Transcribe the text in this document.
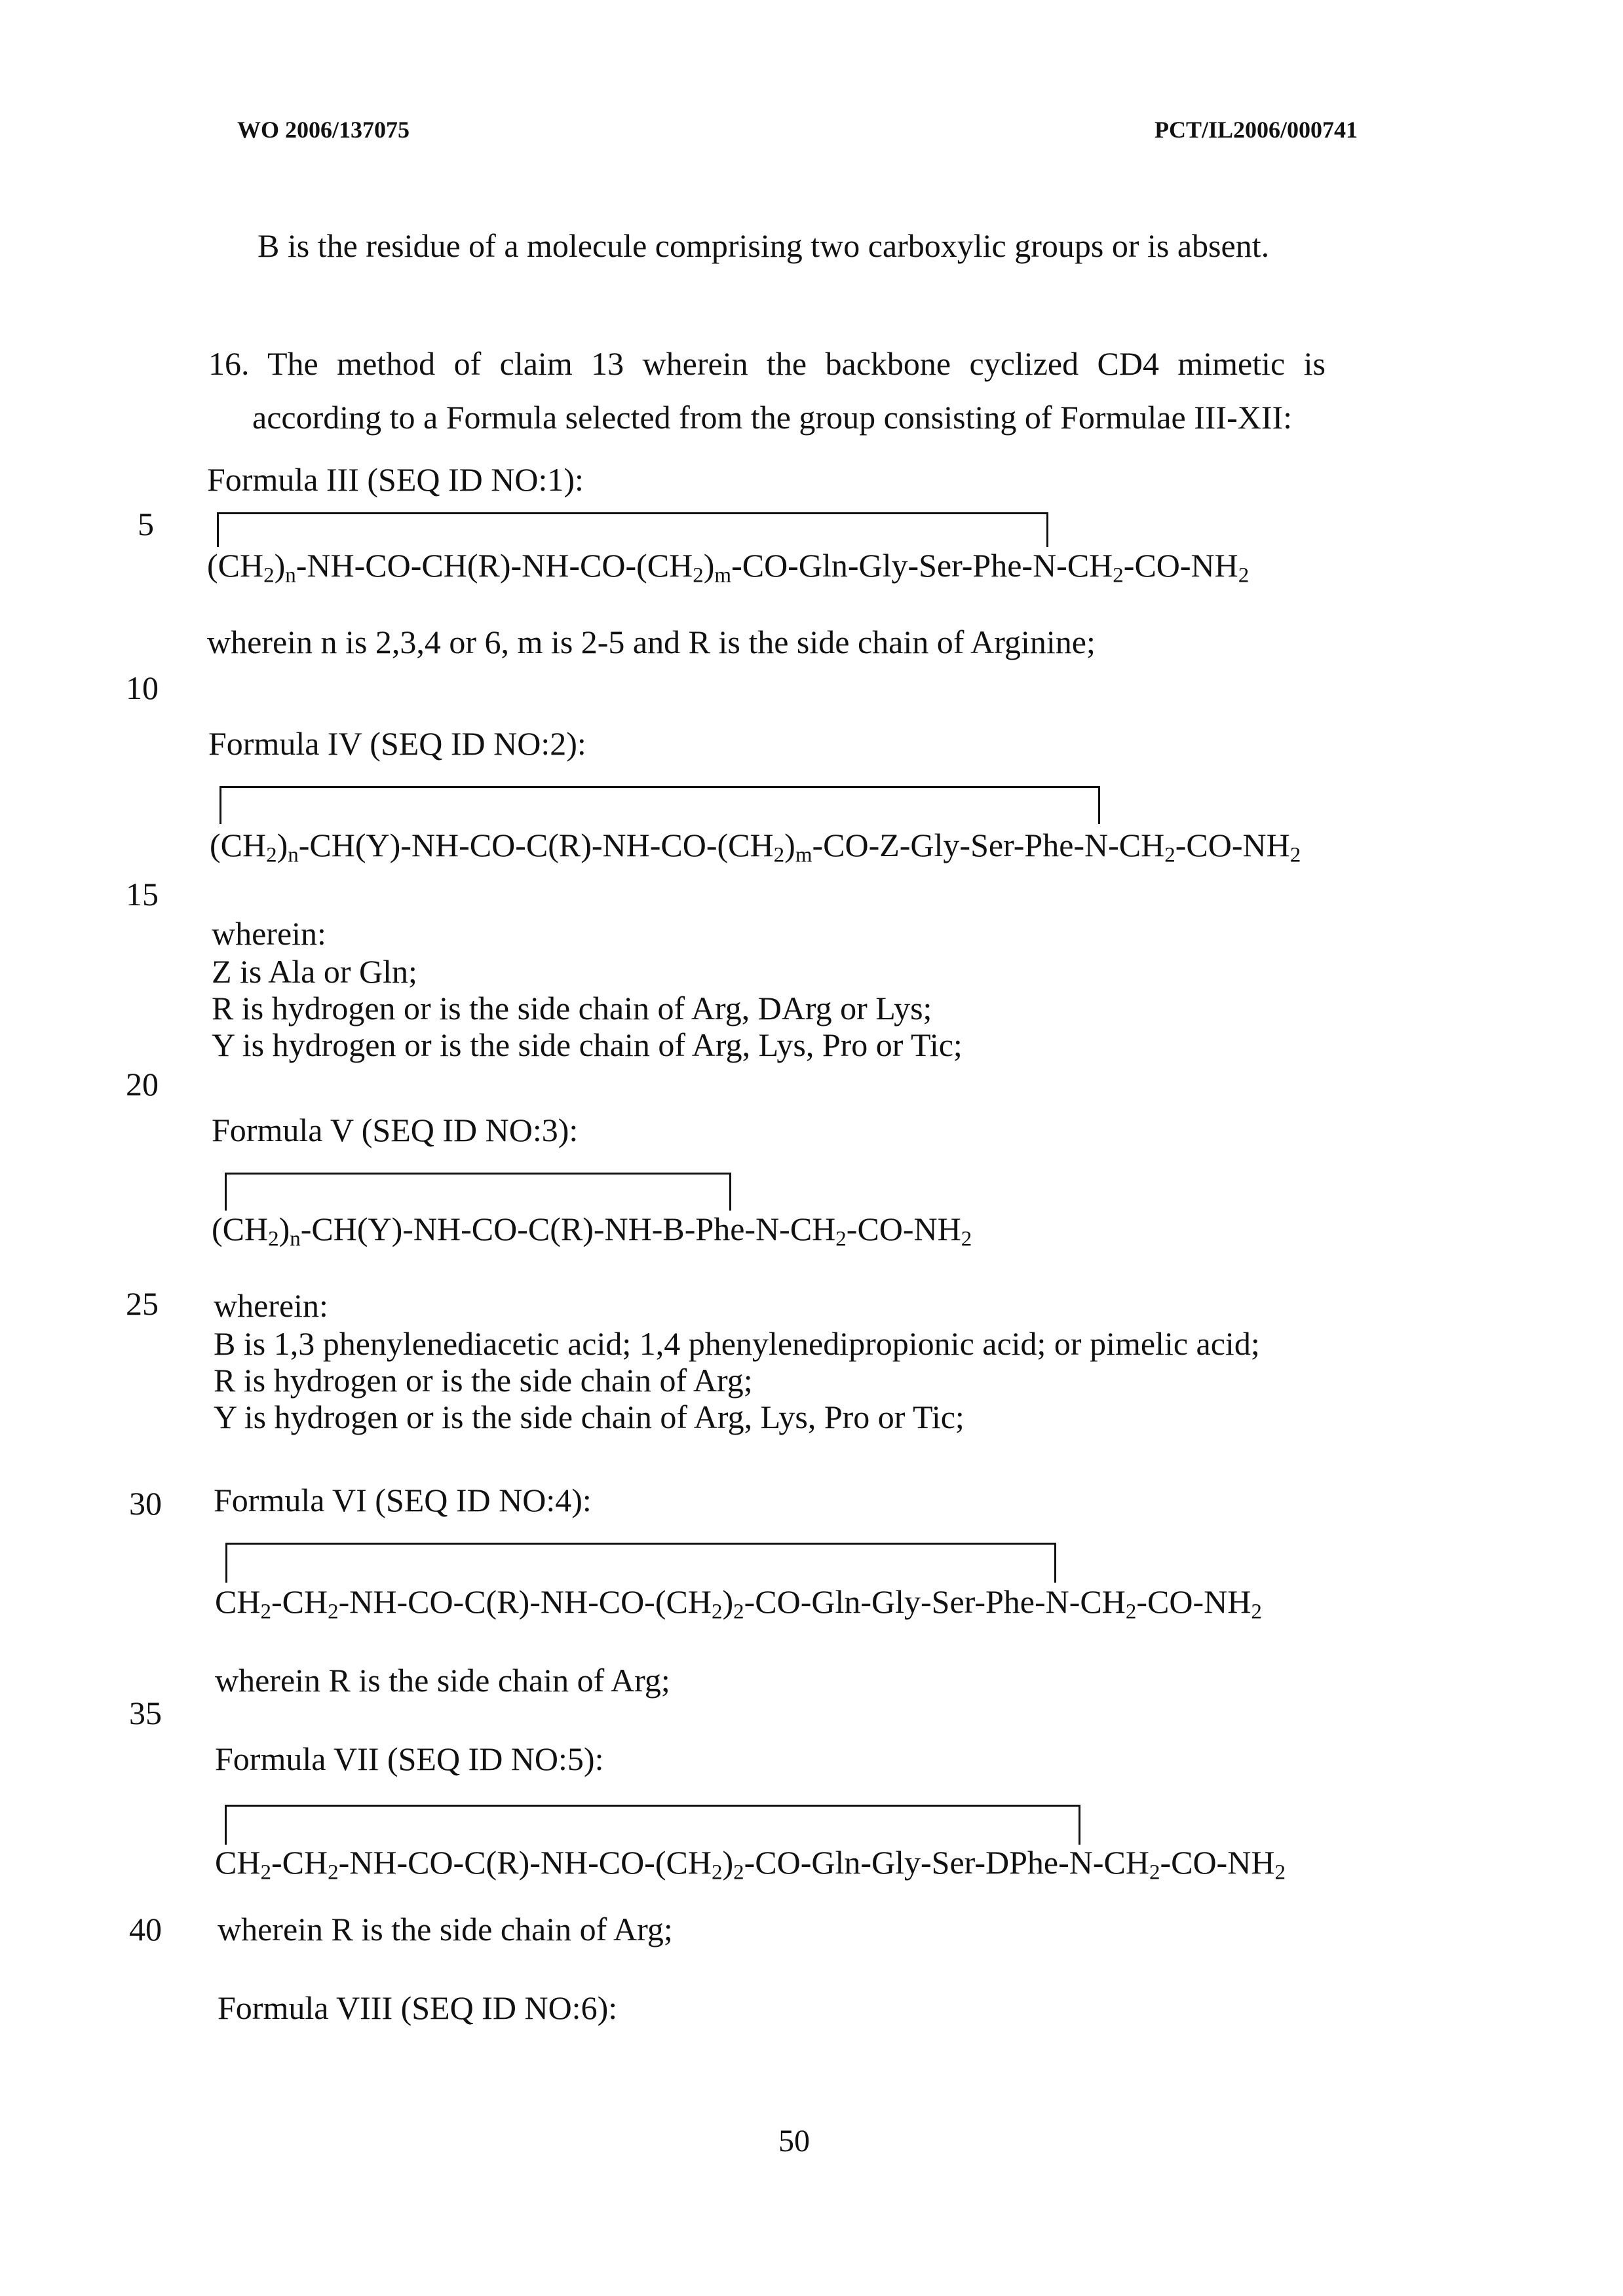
WO 2006/137075	PCT/IL2006/000741
5
10
15
20
25
30
35
40
B is the residue of a molecule comprising two carboxylic groups or is absent.
16. The method of claim 13 wherein the backbone cyclized CD4 mimetic is
according to a Formula selected from the group consisting of Formulae III-XII:
Formula III (SEQ ID NO:1):
$(CH_2)_n-NH-CO-CH(R)-NH-CO-(CH_2)_m-CO-Gln-Gly-Ser-Phe-N-CH_2-CO-NH_2$
wherein n is 2,3,4 or 6, m is 2-5 and R is the side chain of Arginine;
Formula IV (SEQ ID NO:2):
$(CH_2)_n-CH(Y)-NH-CO-C(R)-NH-CO-(CH_2)_m-CO-Z-Gly-Ser-Phe-N-CH_2-CO-NH_2$
wherein:
Z is Ala or Gln;
R is hydrogen or is the side chain of Arg, DArg or Lys;
Y is hydrogen or is the side chain of Arg, Lys, Pro or Tic;
Formula V (SEQ ID NO:3):
$(CH_2)_n-CH(Y)-NH-CO-C(R)-NH-B-Phe-N-CH_2-CO-NH_2$
wherein:
B is 1,3 phenylenediacetic acid; 1,4 phenylenedipropionic acid; or pimelic acid;
R is hydrogen or is the side chain of Arg;
Y is hydrogen or is the side chain of Arg, Lys, Pro or Tic;
Formula VI (SEQ ID NO:4):
$CH_2-CH_2-NH-CO-C(R)-NH-CO-(CH_2)_2-CO-Gln-Gly-Ser-Phe-N-CH_2-CO-NH_2$
wherein R is the side chain of Arg;
Formula VII (SEQ ID NO:5):
$CH_2-CH_2-NH-CO-C(R)-NH-CO-(CH_2)_2-CO-Gln-Gly-Ser-DPhe-N-CH_2-CO-NH_2$
wherein R is the side chain of Arg;
Formula VIII (SEQ ID NO:6):
50
